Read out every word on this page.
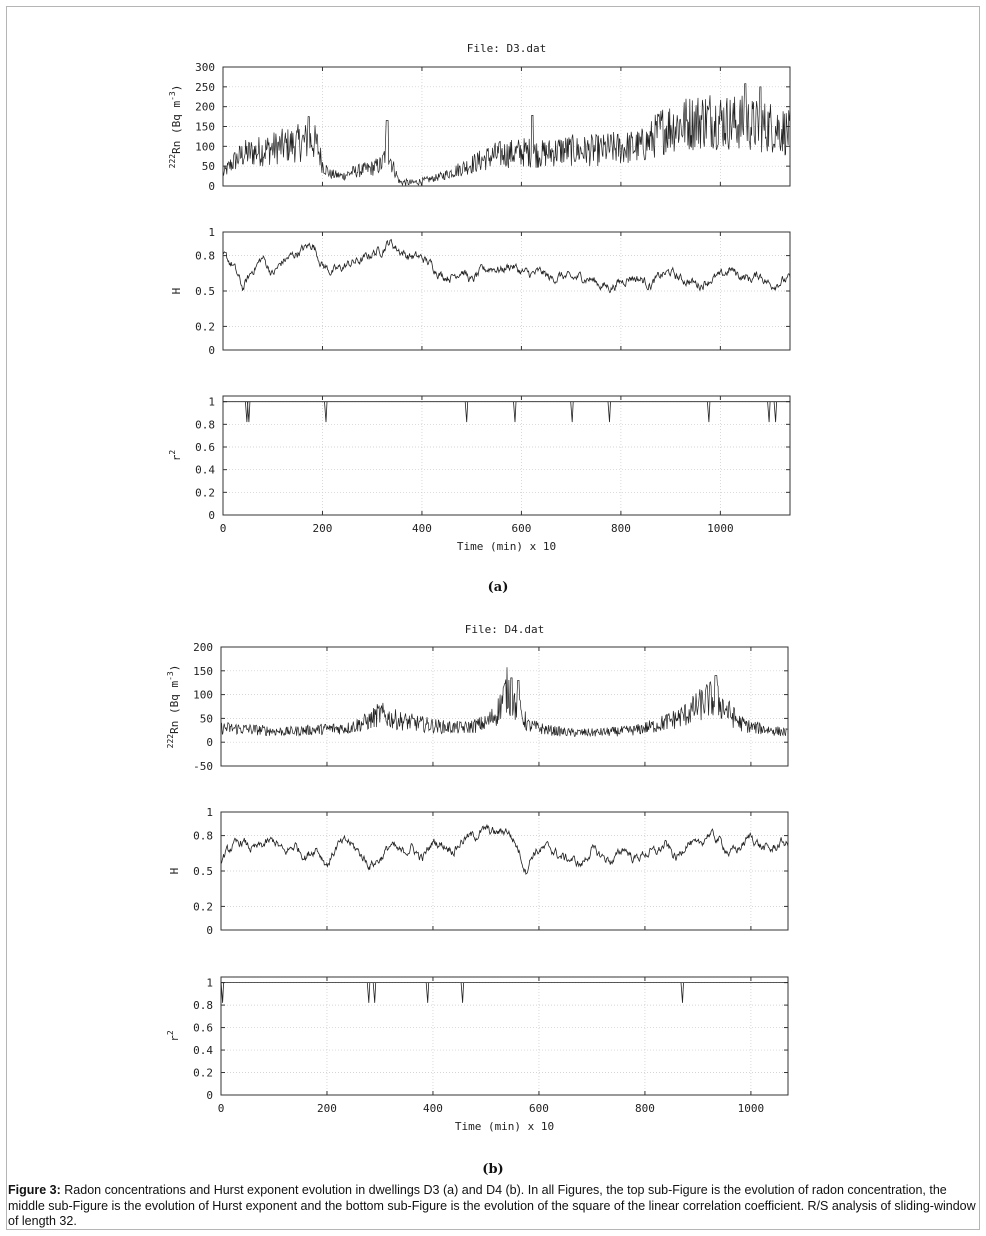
0
50
100
150
200
250
300
File: D3.dat
$^{222}$Rn (Bq $m^{-3}$)
0
0.2
0.5
0.8
1
H
0
0.2
0.4
0.6
0.8
1
0	200	400	600	800	1000
Time (min) x 10
$r^2$
-50
0
50
100
150
200
File: D4.dat
$^{222}$Rn (Bq $m^{-3}$)
0
0.2
0.5
0.8
1
H
0
0.2
0.4
0.6
0.8
1
0	200	400	600	800	1000
Time (min) x 10
$r^2$
(a)
(b)
Figure 3: Radon concentrations and Hurst exponent evolution in dwellings D3 (a) and D4 (b). In all Figures, the top sub-Figure is the evolution of radon concentration, the middle sub-Figure is the evolution of Hurst exponent and the bottom sub-Figure is the evolution of the square of the linear correlation coefficient. R/S analysis of sliding-window of length 32.
